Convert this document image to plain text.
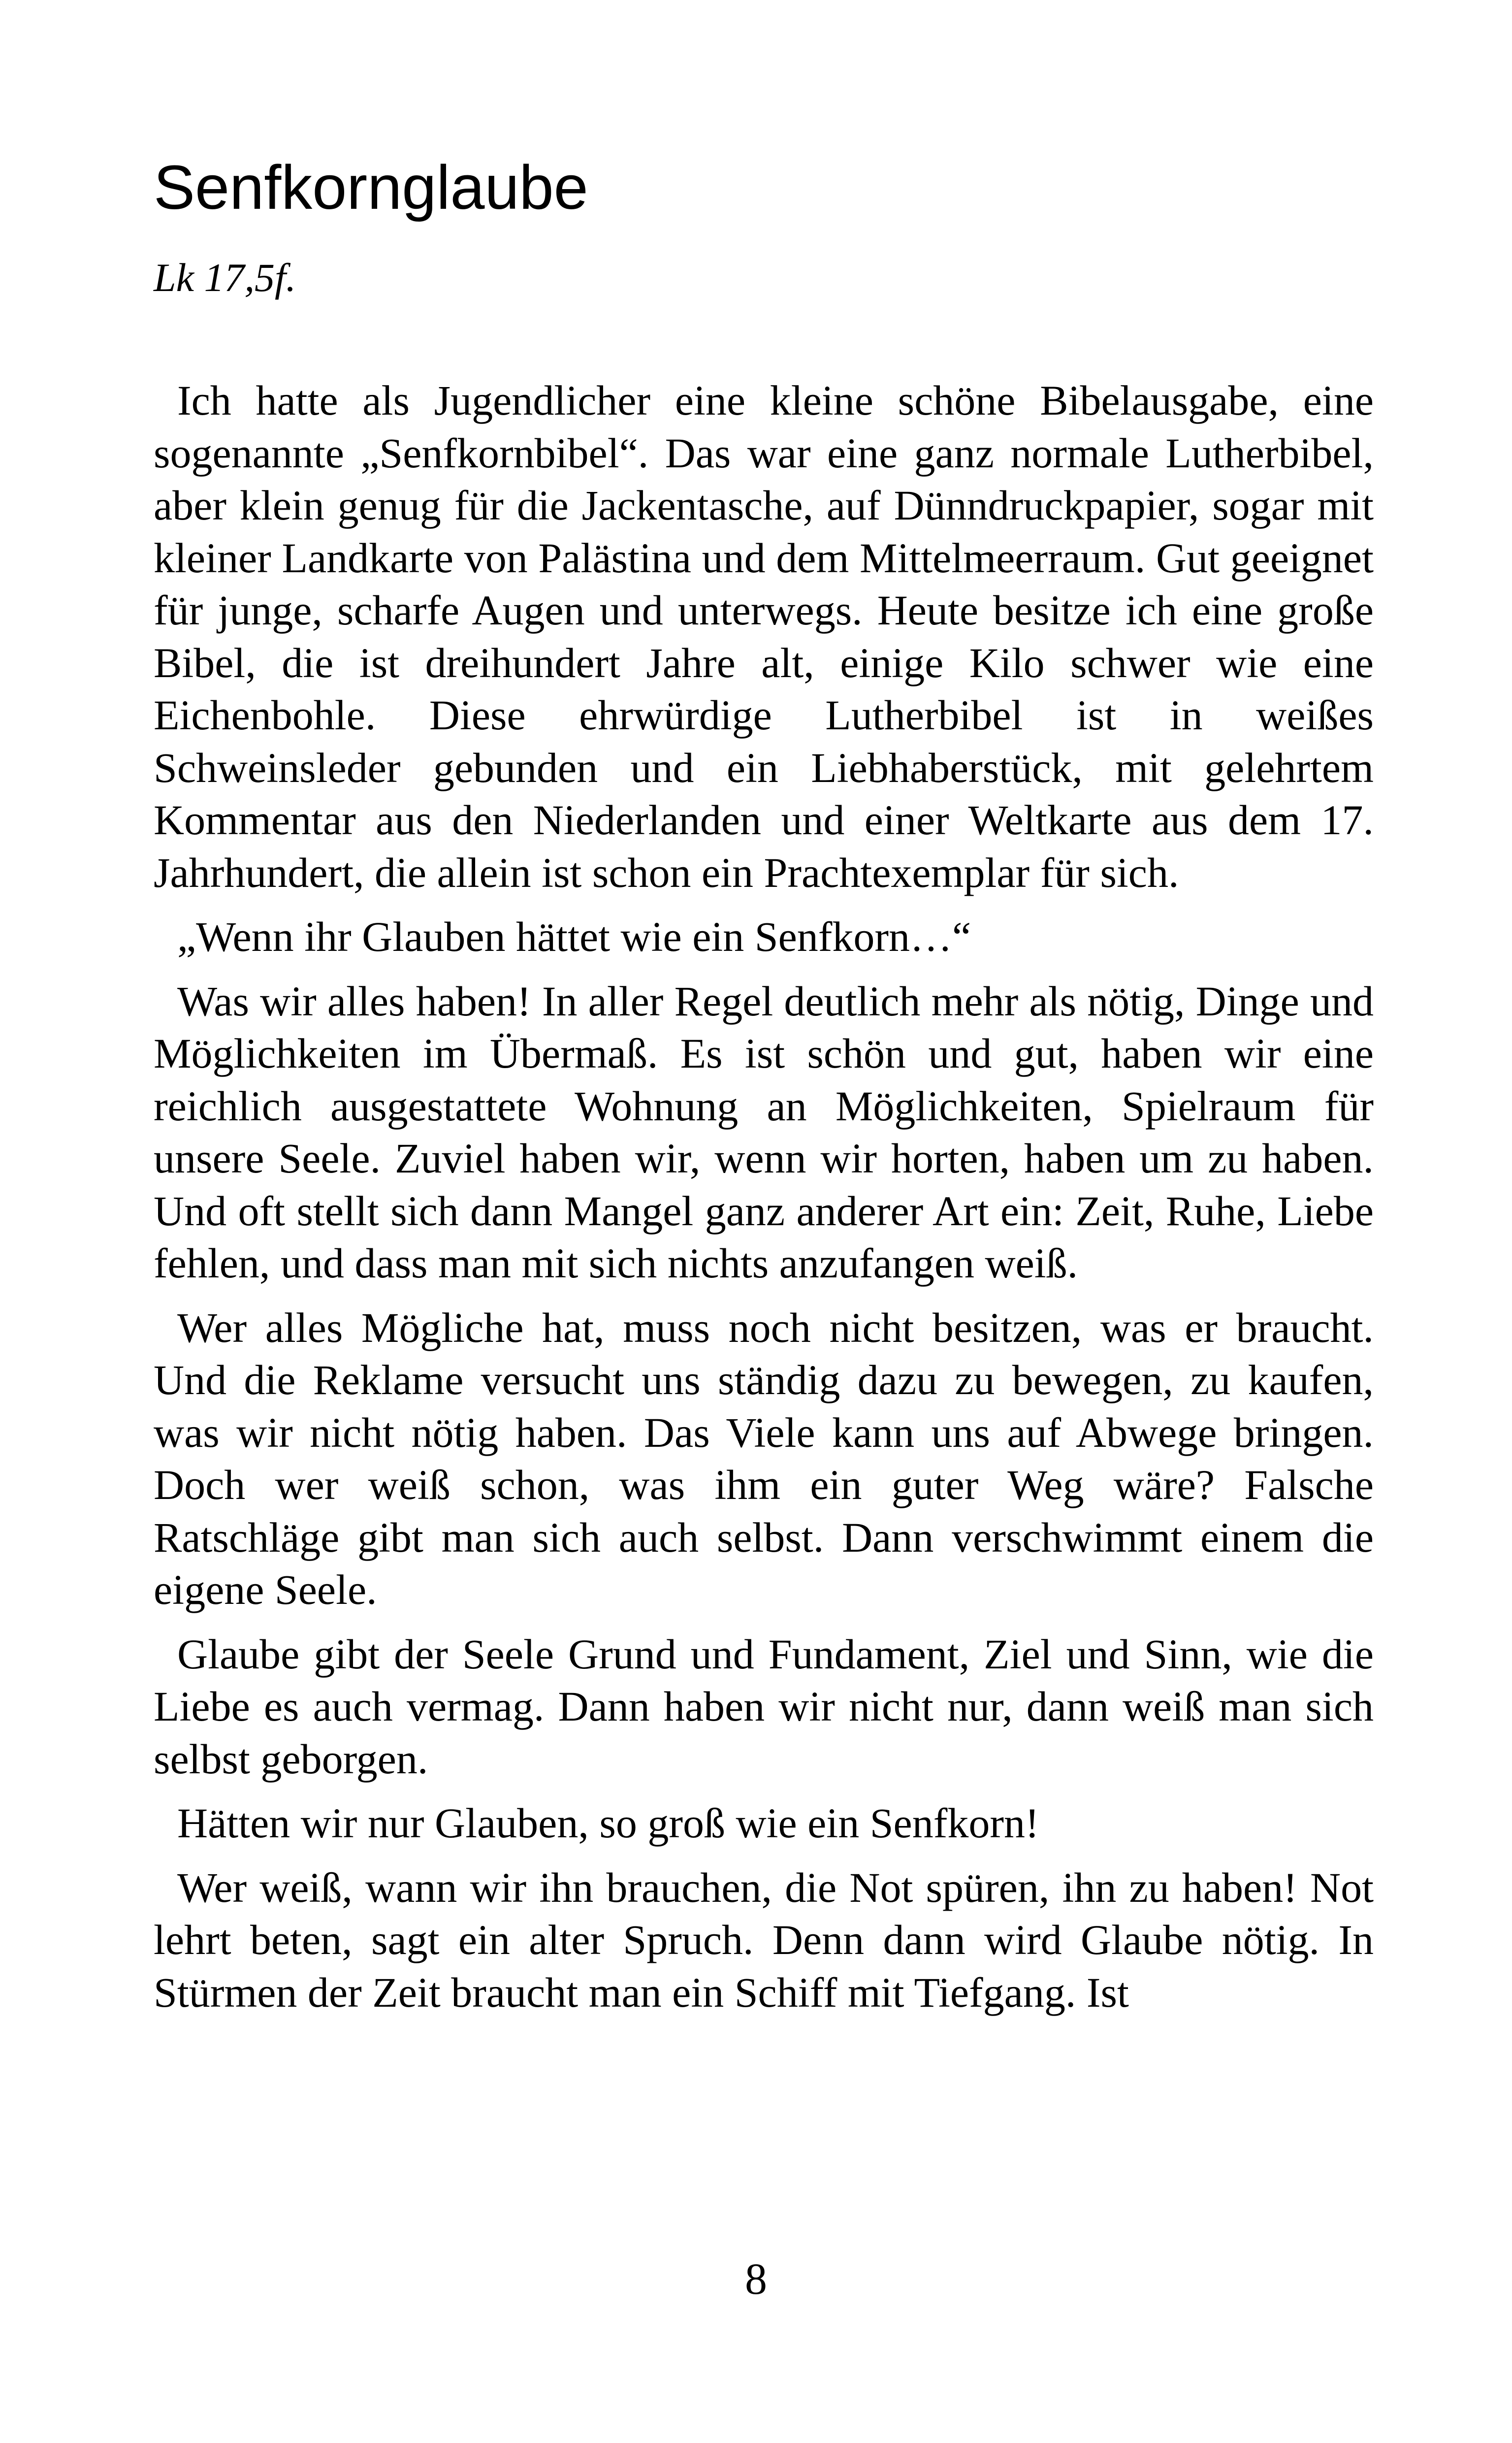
Senfkornglaube

Lk 17,5f.

Ich hatte als Jugendlicher eine kleine schöne Bibelausgabe, eine sogenannte „Senfkornbibel“. Das war eine ganz normale Lutherbibel, aber klein genug für die Jackentasche, auf Dünndruckpapier, sogar mit kleiner Landkarte von Palästina und dem Mittelmeerraum. Gut geeignet für junge, scharfe Augen und unterwegs. Heute besitze ich eine große Bibel, die ist dreihundert Jahre alt, einige Kilo schwer wie eine Eichenbohle. Diese ehrwürdige Lutherbibel ist in weißes Schweinsleder gebunden und ein Liebhaberstück, mit gelehrtem Kommentar aus den Niederlanden und einer Weltkarte aus dem 17. Jahrhundert, die allein ist schon ein Prachtexemplar für sich.

„Wenn ihr Glauben hättet wie ein Senfkorn…“

Was wir alles haben! In aller Regel deutlich mehr als nötig, Dinge und Möglichkeiten im Übermaß. Es ist schön und gut, haben wir eine reichlich ausgestattete Wohnung an Möglichkeiten, Spielraum für unsere Seele. Zuviel haben wir, wenn wir horten, haben um zu haben. Und oft stellt sich dann Mangel ganz anderer Art ein: Zeit, Ruhe, Liebe fehlen, und dass man mit sich nichts anzufangen weiß.

Wer alles Mögliche hat, muss noch nicht besitzen, was er braucht. Und die Reklame versucht uns ständig dazu zu bewegen, zu kaufen, was wir nicht nötig haben. Das Viele kann uns auf Abwege bringen. Doch wer weiß schon, was ihm ein guter Weg wäre? Falsche Ratschläge gibt man sich auch selbst. Dann verschwimmt einem die eigene Seele.

Glaube gibt der Seele Grund und Fundament, Ziel und Sinn, wie die Liebe es auch vermag. Dann haben wir nicht nur, dann weiß man sich selbst geborgen.

Hätten wir nur Glauben, so groß wie ein Senfkorn!

Wer weiß, wann wir ihn brauchen, die Not spüren, ihn zu haben! Not lehrt beten, sagt ein alter Spruch. Denn dann wird Glaube nötig. In Stürmen der Zeit braucht man ein Schiff mit Tiefgang. Ist

8
